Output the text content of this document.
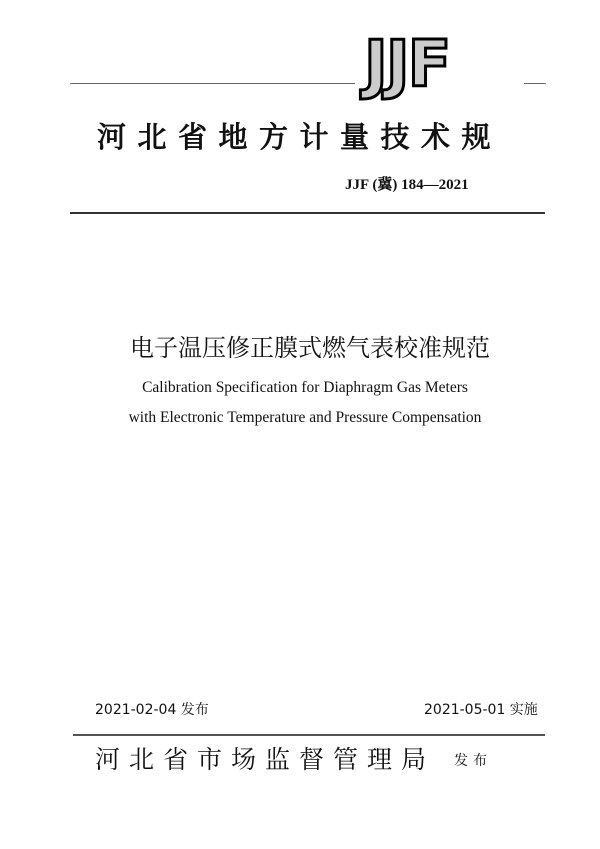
JJF
河北省地方计量技术规
JJF (冀) 184—2021
电子温压修正膜式燃气表校准规范
Calibration Specification for Diaphragm Gas Meters
with Electronic Temperature and Pressure Compensation
2021-02-04 发布	2021-05-01 实施
河北省市场监督管理局 发布
